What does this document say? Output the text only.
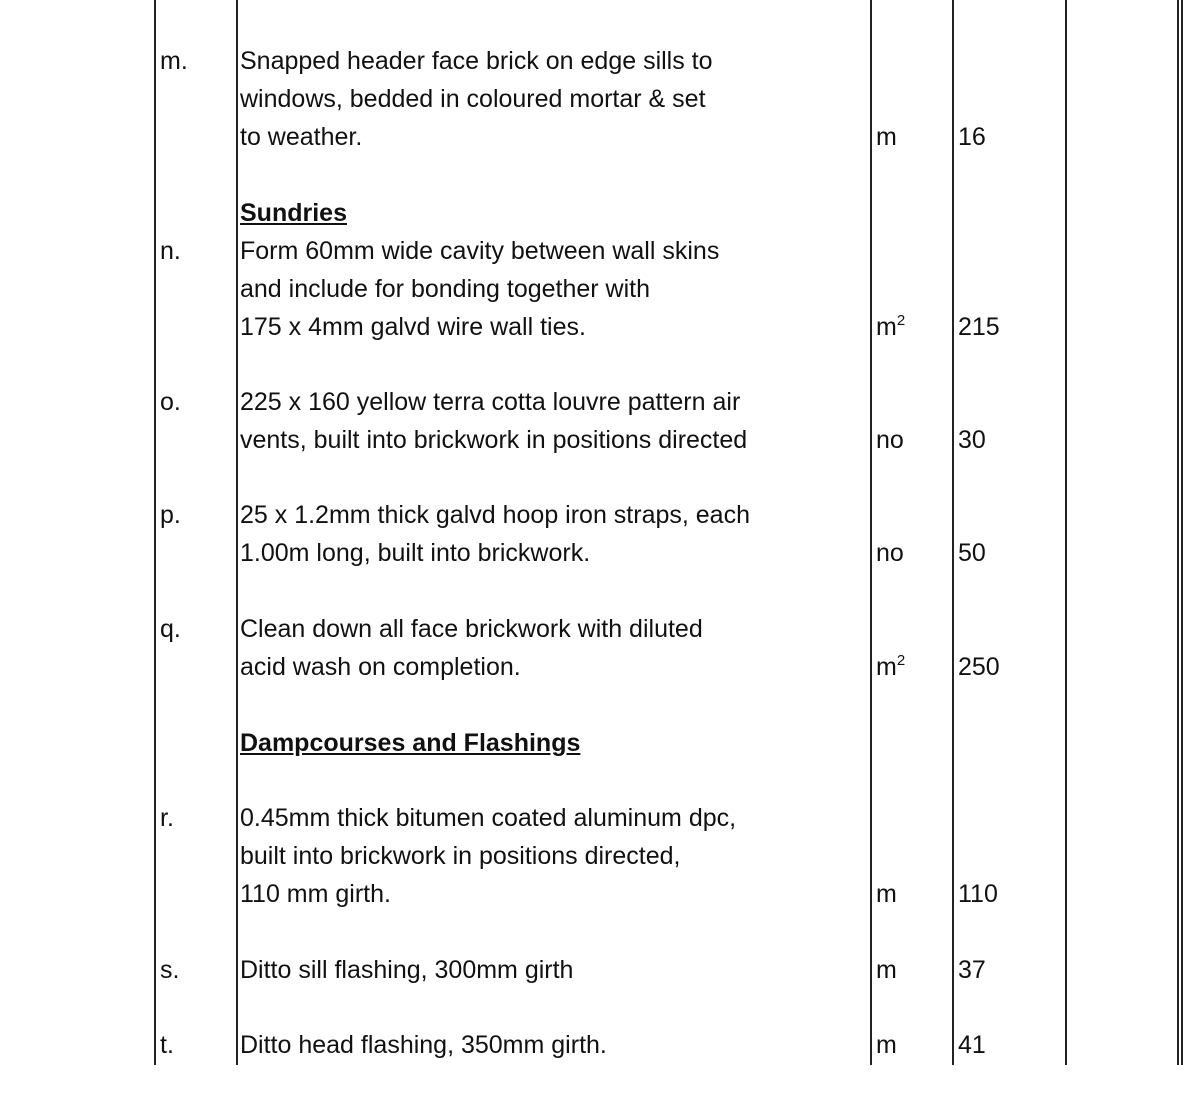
m. Snapped header face brick on edge sills to
windows, bedded in coloured mortar & set
to weather.	m 16
Sundries
n. Form 60mm wide cavity between wall skins
and include for bonding together with
175 x 4mm galvd wire wall ties.	$m^2$ 215
o. 225 x 160 yellow terra cotta louvre pattern air
vents, built into brickwork in positions directed	no 30
p. 25 x 1.2mm thick galvd hoop iron straps, each
1.00m long, built into brickwork.	no 50
q. Clean down all face brickwork with diluted
acid wash on completion.	$m^2$ 250
Dampcourses and Flashings
r.	0.45mm thick bitumen coated aluminum dpc,
built into brickwork in positions directed,
110 mm girth.	m 110
s. Ditto sill flashing, 300mm girth	m 37
t.	Ditto head flashing, 350mm girth.	m 41
